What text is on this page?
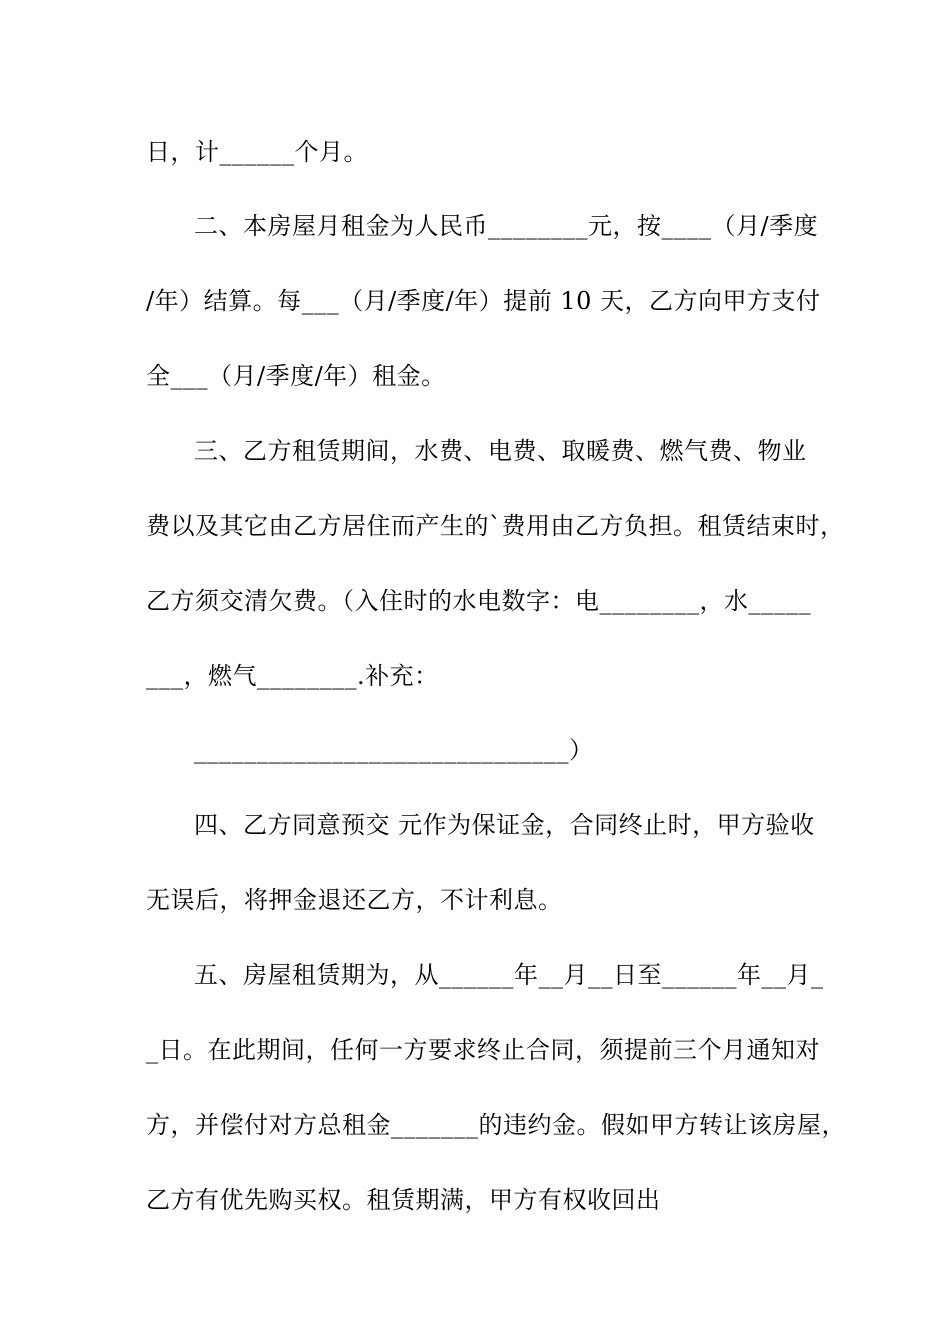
日，计______个月。
二、本房屋月租金为人民币________元，按____（月/季度
/年）结算。每___（月/季度/年）提前 10 天，乙方向甲方支付
全___（月/季度/年）租金。
三、乙方租赁期间，水费、电费、取暖费、燃气费、物业
费以及其它由乙方居住而产生的`费用由乙方负担。租赁结束时，
乙方须交清欠费。（入住时的水电数字：电________，水_____
___，燃气________.补充：
______________________________）
四、乙方同意预交 元作为保证金，合同终止时，甲方验收
无误后，将押金退还乙方，不计利息。
五、房屋租赁期为，从______年__月__日至______年__月_
_日。在此期间，任何一方要求终止合同，须提前三个月通知对
方，并偿付对方总租金_______的违约金。假如甲方转让该房屋，
乙方有优先购买权。租赁期满，甲方有权收回出
